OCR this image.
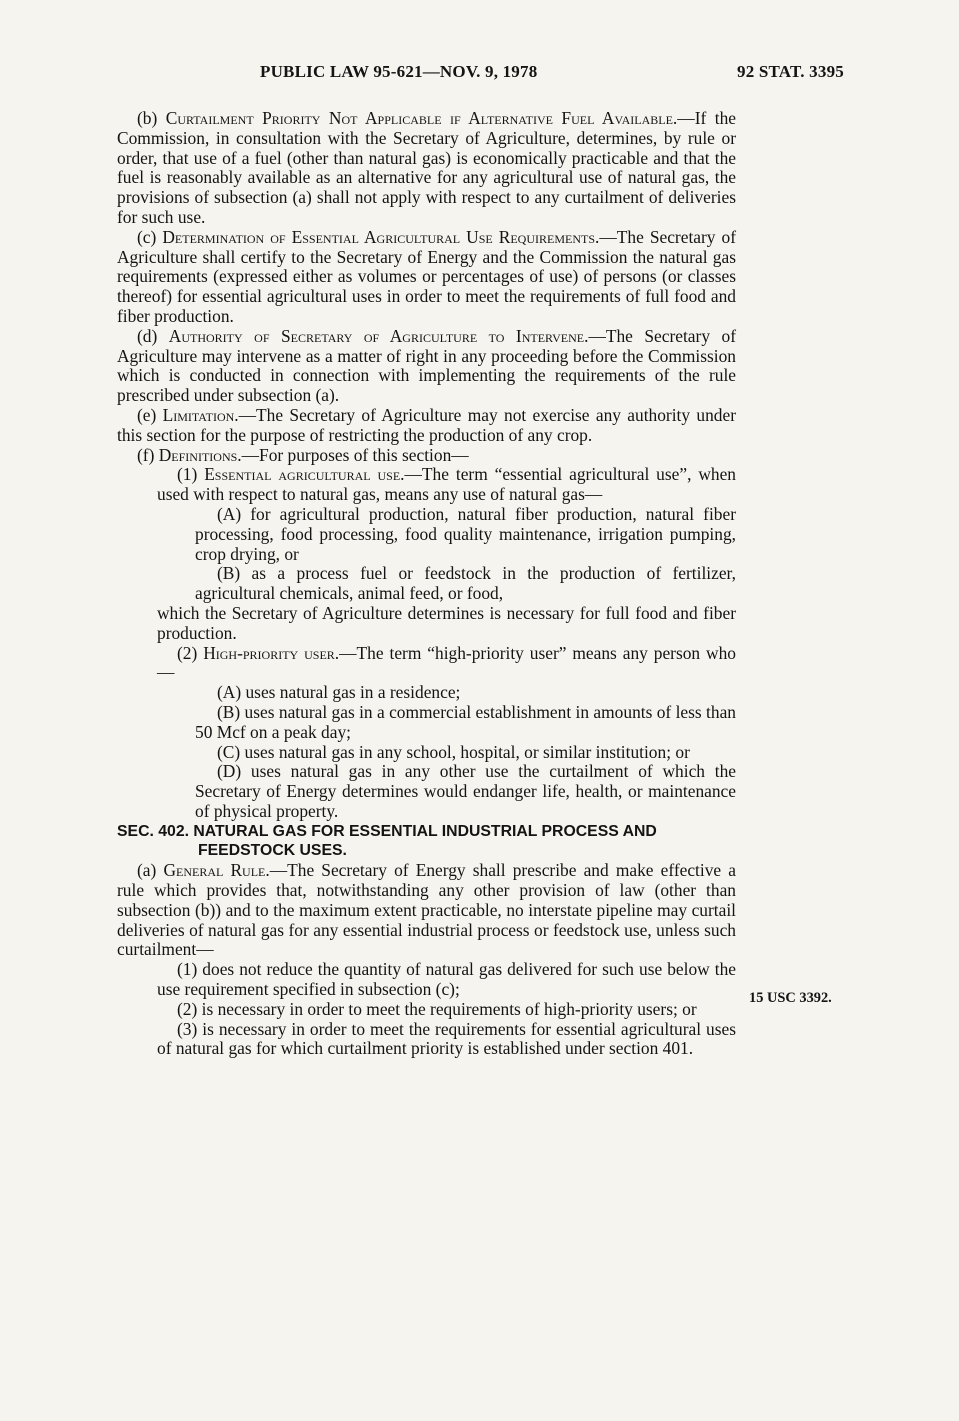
PUBLIC LAW 95-621—NOV. 9, 1978	92 STAT. 3395

(b) Curtailment Priority Not Applicable if Alternative Fuel Available.—If the Commission, in consultation with the Secretary of Agriculture, determines, by rule or order, that use of a fuel (other than natural gas) is economically practicable and that the fuel is reasonably available as an alternative for any agricultural use of natural gas, the provisions of subsection (a) shall not apply with respect to any curtailment of deliveries for such use.

(c) Determination of Essential Agricultural Use Requirements.—The Secretary of Agriculture shall certify to the Secretary of Energy and the Commission the natural gas requirements (expressed either as volumes or percentages of use) of persons (or classes thereof) for essential agricultural uses in order to meet the requirements of full food and fiber production.

(d) Authority of Secretary of Agriculture to Intervene.—The Secretary of Agriculture may intervene as a matter of right in any proceeding before the Commission which is conducted in connection with implementing the requirements of the rule prescribed under subsection (a).

(e) Limitation.—The Secretary of Agriculture may not exercise any authority under this section for the purpose of restricting the production of any crop.

(f) Definitions.—For purposes of this section—

(1) Essential agricultural use.—The term “essential agricultural use”, when used with respect to natural gas, means any use of natural gas—

(A) for agricultural production, natural fiber production, natural fiber processing, food processing, food quality maintenance, irrigation pumping, crop drying, or

(B) as a process fuel or feedstock in the production of fertilizer, agricultural chemicals, animal feed, or food,

which the Secretary of Agriculture determines is necessary for full food and fiber production.

(2) High-priority user.—The term “high-priority user” means any person who—

(A) uses natural gas in a residence;

(B) uses natural gas in a commercial establishment in amounts of less than 50 Mcf on a peak day;

(C) uses natural gas in any school, hospital, or similar institution; or

(D) uses natural gas in any other use the curtailment of which the Secretary of Energy determines would endanger life, health, or maintenance of physical property.

SEC. 402. NATURAL GAS FOR ESSENTIAL INDUSTRIAL PROCESS AND
FEEDSTOCK USES.

(a) General Rule.—The Secretary of Energy shall prescribe and make effective a rule which provides that, notwithstanding any other provision of law (other than subsection (b)) and to the maximum extent practicable, no interstate pipeline may curtail deliveries of natural gas for any essential industrial process or feedstock use, unless such curtailment—

(1) does not reduce the quantity of natural gas delivered for such use below the use requirement specified in subsection (c);

(2) is necessary in order to meet the requirements of high-priority users; or

(3) is necessary in order to meet the requirements for essential agricultural uses of natural gas for which curtailment priority is established under section 401.

15 USC 3392.
